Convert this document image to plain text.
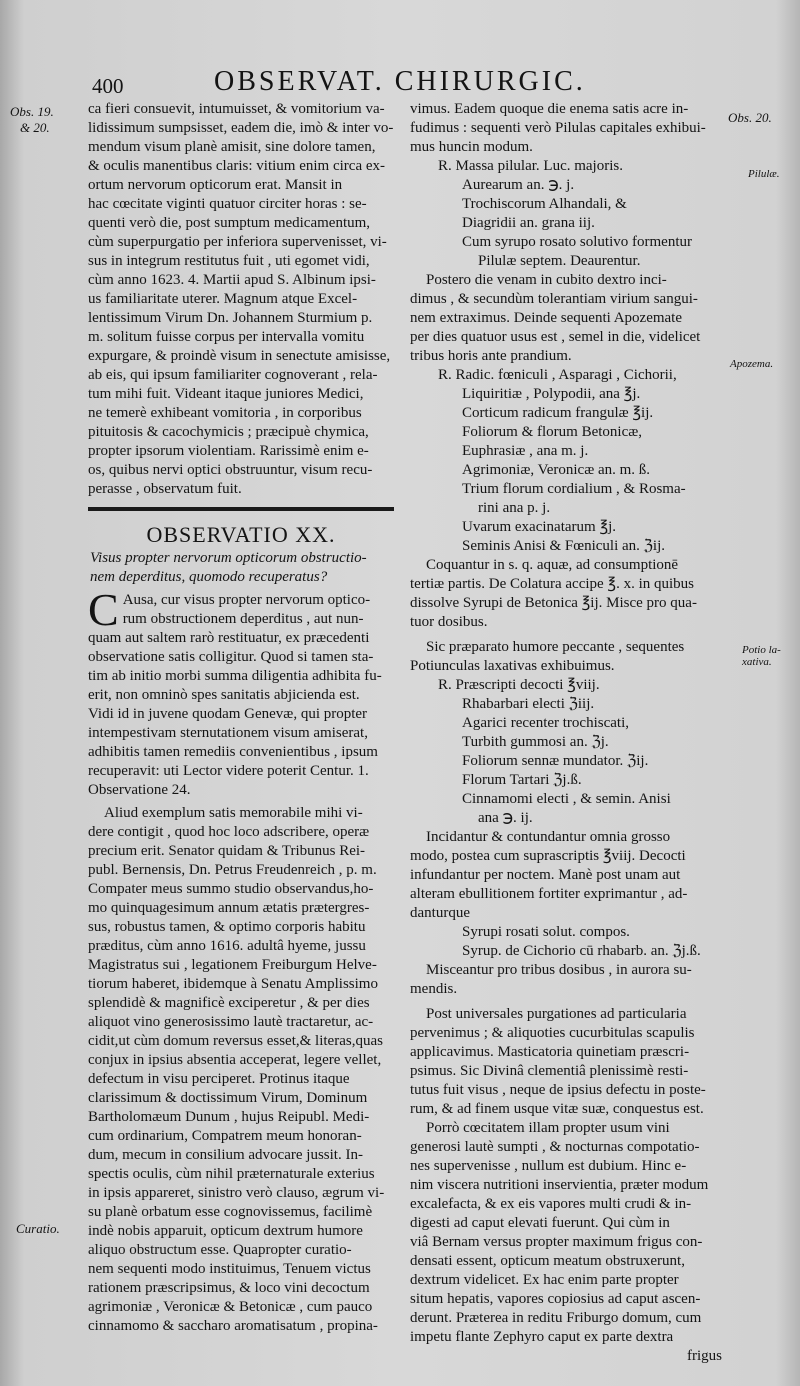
400	OBSERVAT. CHIRURGIC.
Obs. 19.
& 20.
Curatio.
Obs. 20.
Pilulæ.
Apozema.
Potio la-
xativa.
ca fieri consuevit, intumuisset, & vomitorium va-
lidissimum sumpsisset, eadem die, imò & inter vo-
mendum visum planè amisit, sine dolore tamen,
& oculis manentibus claris: vitium enim circa ex-
ortum nervorum opticorum erat. Mansit in
hac cœcitate viginti quatuor circiter horas : se-
quenti verò die, post sumptum medicamentum,
cùm superpurgatio per inferiora supervenisset, vi-
sus in integrum restitutus fuit , uti egomet vidi,
cùm anno 1623. 4. Martii apud S. Albinum ipsi-
us familiaritate uterer. Magnum atque Excel-
lentissimum Virum Dn. Johannem Sturmium p.
m. solitum fuisse corpus per intervalla vomitu
expurgare, & proindè visum in senectute amisisse,
ab eis, qui ipsum familiariter cognoverant , rela-
tum mihi fuit. Videant itaque juniores Medici,
ne temerè exhibeant vomitoria , in corporibus
pituitosis & cacochymicis ; præcipuè chymica,
propter ipsorum violentiam. Rarissimè enim e-
os, quibus nervi optici obstruuntur, visum recu-
perasse , observatum fuit.
OBSERVATIO XX.
Visus propter nervorum opticorum obstructio-
nem deperditus, quomodo recuperatus?
C Ausa, cur visus propter nervorum optico-
rum obstructionem deperditus , aut nun-
quam aut saltem rarò restituatur, ex præcedenti
observatione satis colligitur. Quod si tamen sta-
tim ab initio morbi summa diligentia adhibita fu-
erit, non omninò spes sanitatis abjicienda est.
Vidi id in juvene quodam Genevæ, qui propter
intempestivam sternutationem visum amiserat,
adhibitis tamen remediis convenientibus , ipsum
recuperavit: uti Lector videre poterit Centur. 1.
Observatione 24.
Aliud exemplum satis memorabile mihi vi-
dere contigit , quod hoc loco adscribere, operæ
precium erit. Senator quidam & Tribunus Rei-
publ. Bernensis, Dn. Petrus Freudenreich , p. m.
Compater meus summo studio observandus,ho-
mo quinquagesimum annum ætatis prætergres-
sus, robustus tamen, & optimo corporis habitu
præditus, cùm anno 1616. adultâ hyeme, jussu
Magistratus sui , legationem Freiburgum Helve-
tiorum haberet, ibidemque à Senatu Amplissimo
splendidè & magnificè exciperetur , & per dies
aliquot vino generosissimo lautè tractaretur, ac-
cidit,ut cùm domum reversus esset,& literas,quas
conjux in ipsius absentia acceperat, legere vellet,
defectum in visu perciperet. Protinus itaque
clarissimum & doctissimum Virum, Dominum
Bartholomæum Dunum , hujus Reipubl. Medi-
cum ordinarium, Compatrem meum honoran-
dum, mecum in consilium advocare jussit. In-
spectis oculis, cùm nihil præternaturale exterius
in ipsis appareret, sinistro verò clauso, ægrum vi-
su planè orbatum esse cognovissemus, facilimè
indè nobis apparuit, opticum dextrum humore
aliquo obstructum esse. Quapropter curatio-
nem sequenti modo instituimus, Tenuem victus
rationem præscripsimus, & loco vini decoctum
agrimoniæ , Veronicæ & Betonicæ , cum pauco
cinnamomo & saccharo aromatisatum , propina-
vimus. Eadem quoque die enema satis acre in-
fudimus : sequenti verò Pilulas capitales exhibui-
mus huncin modum.
R. Massa pilular. Luc. majoris.
Aurearum an. ℈. j.
Trochiscorum Alhandali, &
Diagridii an. grana iij.
Cum syrupo rosato solutivo formentur
Pilulæ septem. Deaurentur.
Postero die venam in cubito dextro inci-
dimus , & secundùm tolerantiam virium sangui-
nem extraximus. Deinde sequenti Apozemate
per dies quatuor usus est , semel in die, videlicet
tribus horis ante prandium.
R. Radic. fœniculi , Asparagi , Cichorii,
Liquiritiæ , Polypodii, ana ℥j.
Corticum radicum frangulæ ℥ij.
Foliorum & florum Betonicæ,
Euphrasiæ , ana m. j.
Agrimoniæ, Veronicæ an. m. ß.
Trium florum cordialium , & Rosma-
rini ana p. j.
Uvarum exacinatarum ℥j.
Seminis Anisi & Fœniculi an. ℨij.
Coquantur in s. q. aquæ, ad consumptionē
tertiæ partis. De Colatura accipe ℥. x. in quibus
dissolve Syrupi de Betonica ℥ij. Misce pro qua-
tuor dosibus.
Sic præparato humore peccante , sequentes
Potiunculas laxativas exhibuimus.
R. Præscripti decocti ℥viij.
Rhabarbari electi ℨiij.
Agarici recenter trochiscati,
Turbith gummosi an. ℨj.
Foliorum sennæ mundator. ℨij.
Florum Tartari ℨj.ß.
Cinnamomi electi , & semin. Anisi
ana ℈. ij.
Incidantur & contundantur omnia grosso
modo, postea cum suprascriptis ℥viij. Decocti
infundantur per noctem. Manè post unam aut
alteram ebullitionem fortiter exprimantur , ad-
danturque
Syrupi rosati solut. compos.
Syrup. de Cichorio cū rhabarb. an. ℨj.ß.
Misceantur pro tribus dosibus , in aurora su-
mendis.
Post universales purgationes ad particularia
pervenimus ; & aliquoties cucurbitulas scapulis
applicavimus. Masticatoria quinetiam præscri-
psimus. Sic Divinâ clementiâ plenissimè resti-
tutus fuit visus , neque de ipsius defectu in poste-
rum, & ad finem usque vitæ suæ, conquestus est.
Porrò cœcitatem illam propter usum vini
generosi lautè sumpti , & nocturnas compotatio-
nes supervenisse , nullum est dubium. Hinc e-
nim viscera nutritioni inservientia, præter modum
excalefacta, & ex eis vapores multi crudi & in-
digesti ad caput elevati fuerunt. Qui cùm in
viâ Bernam versus propter maximum frigus con-
densati essent, opticum meatum obstruxerunt,
dextrum videlicet. Ex hac enim parte propter
situm hepatis, vapores copiosius ad caput ascen-
derunt. Præterea in reditu Friburgo domum, cum
impetu flante Zephyro caput ex parte dextra
frigus
